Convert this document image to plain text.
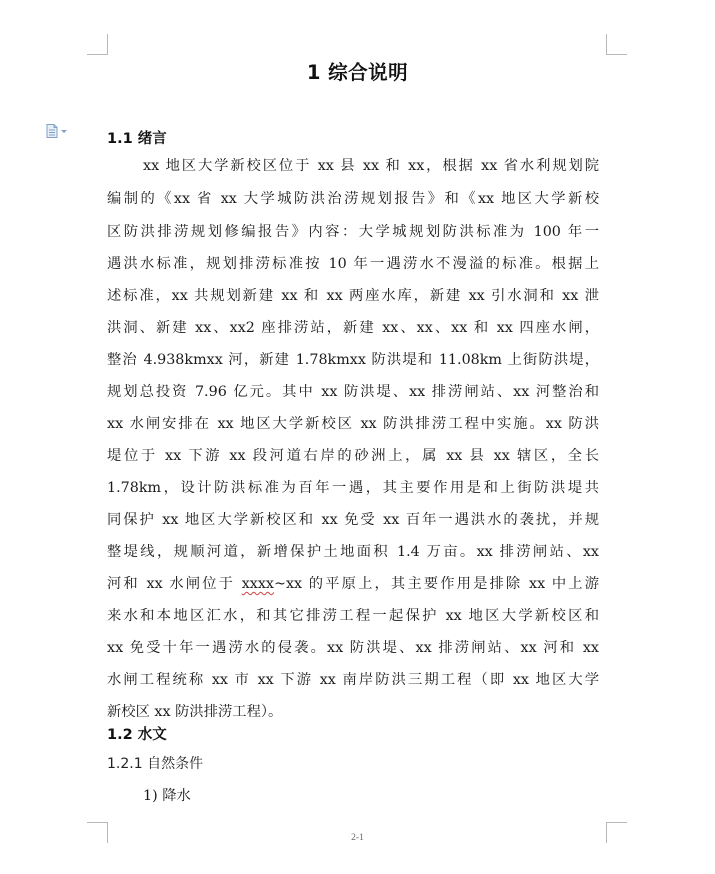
1 综合说明
1.1 绪言
xx 地区大学新校区位于 xx 县 xx 和 xx，根据 xx 省水利规划院
编制的《xx 省 xx 大学城防洪治涝规划报告》和《xx 地区大学新校
区防洪排涝规划修编报告》内容：大学城规划防洪标准为 100 年一
遇洪水标准，规划排涝标准按 10 年一遇涝水不漫溢的标准。根据上
述标准，xx 共规划新建 xx 和 xx 两座水库，新建 xx 引水洞和 xx 泄
洪洞、新建 xx、xx2 座排涝站，新建 xx、xx、xx 和 xx 四座水闸，
整治 4.938kmxx 河，新建 1.78kmxx 防洪堤和 11.08km 上街防洪堤，
规划总投资 7.96 亿元。其中 xx 防洪堤、xx 排涝闸站、xx 河整治和
xx 水闸安排在 xx 地区大学新校区 xx 防洪排涝工程中实施。xx 防洪
堤位于 xx 下游 xx 段河道右岸的砂洲上，属 xx 县 xx 辖区，全长
1.78km，设计防洪标准为百年一遇，其主要作用是和上街防洪堤共
同保护 xx 地区大学新校区和 xx 免受 xx 百年一遇洪水的袭扰，并规
整堤线，规顺河道，新增保护土地面积 1.4 万亩。xx 排涝闸站、xx
河和 xx 水闸位于 xxxx~xx 的平原上，其主要作用是排除 xx 中上游
来水和本地区汇水，和其它排涝工程一起保护 xx 地区大学新校区和
xx 免受十年一遇涝水的侵袭。xx 防洪堤、xx 排涝闸站、xx 河和 xx
水闸工程统称 xx 市 xx 下游 xx 南岸防洪三期工程（即 xx 地区大学
新校区 xx 防洪排涝工程）。
1.2 水文
1.2.1 自然条件
1) 降水
2-1
